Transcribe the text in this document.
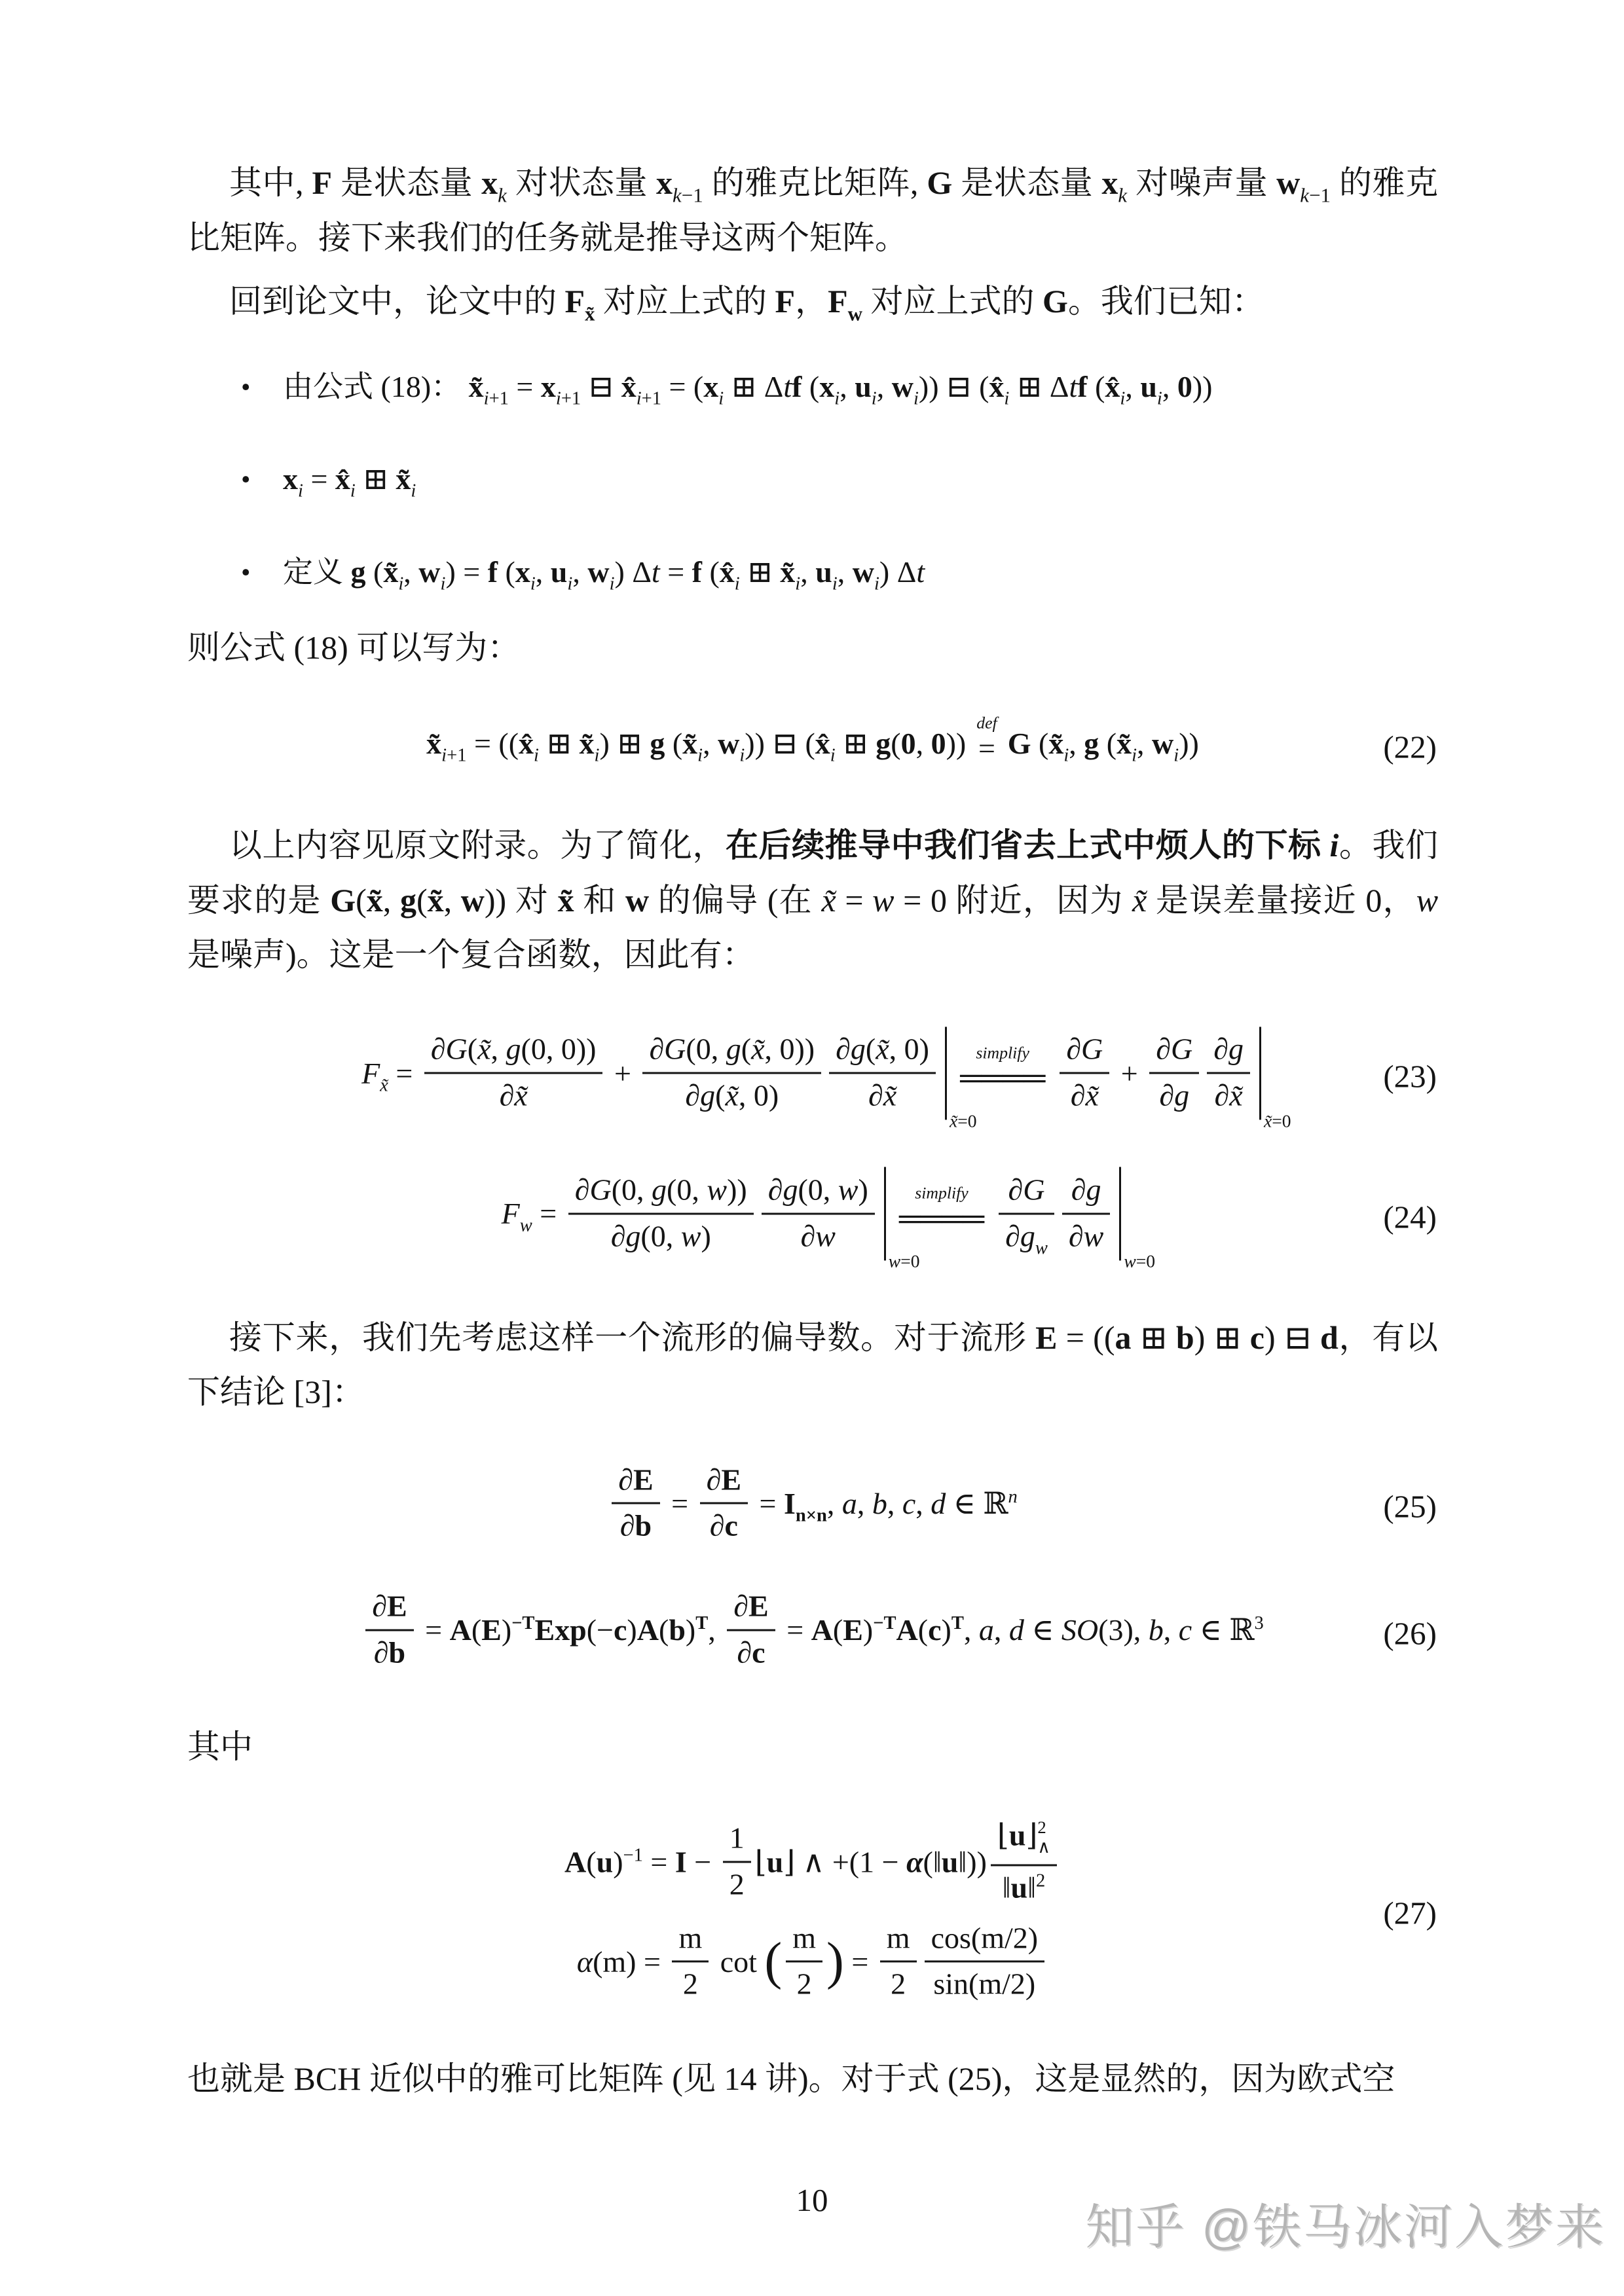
其中, F 是状态量 $x_k$ 对状态量 $x_{k-1}$ 的雅克比矩阵, G 是状态量 $x_k$ 对噪声量 $w_{k-1}$ 的雅克比矩阵。接下来我们的任务就是推导这两个矩阵。

回到论文中，论文中的 $F_{x̃}$ 对应上式的 F，$F_w$ 对应上式的 G。我们已知：

• 由公式 (18)： $x̃_{i+1} = x_{i+1}$ ⊟ $x̂_{i+1} = (x_i$ ⊞ Δtf ($x_i$, $u_i$, $w_i$)) ⊟ ($x̂_i$ ⊞ Δtf ($x̂_i$, $u_i$, 0))
• $x_i$ = $x̂_i$ ⊞ $x̃_i$
• 定义 g ($x̃_i$, $w_i) = f$ ($x_i$, $u_i$, $w_i$) Δt = f ($x̂_i$ ⊞ $x̃_i$, $u_i$, $w_i$) Δt

则公式 (18) 可以写为：

$x̃_{i+1}$ = (($x̂_i$ ⊞ $x̃_i$) ⊞ g ($x̃_i$, $w_i$)) ⊟ ($x̂_i$ ⊞ g(0, 0))
def
= G ($x̃_i$, g ($x̃_i$, $w_i$))	(22)

以上内容见原文附录。为了简化，在后续推导中我们省去上式中烦人的下标 i。我们要求的是 G(x̃, g(x̃, w)) 对 x̃ 和 w 的偏导 (在 x̃ = w = 0 附近，因为 x̃ 是误差量接近 0，w 是噪声)。这是一个复合函数，因此有：

$F_{x̃} = \frac{\partial G(x̃, g(0, 0))}{\partial x̃} + \frac{\partial G(0, g(x̃, 0))}{\partial g(x̃, 0)} \frac{\partial g(x̃, 0)}{\partial x̃}$
x̃=0
simplify
════ $\frac{\partial G}{\partial x̃} + \frac{\partial G}{\partial g} \frac{\partial g}{\partial x̃}$
x̃=0
(23)
$F_w = \frac{\partial G(0, g(0, w))}{\partial g(0, w)} \frac{\partial g(0, w)}{\partial w}$
w=0
simplify
════ $\frac{\partial G}{\partial g_w} \frac{\partial g}{\partial w}$
w=0
(24)

接下来，我们先考虑这样一个流形的偏导数。对于流形 E = ((a ⊞ b) ⊞ c) ⊟ d，有以下结论 [3]：

$\frac{\partial E}{\partial b} = \frac{\partial E}{\partial c} = I_{n\times n}$, a, b, c, d ∈ ℝ$^n$	(25)
$\frac{\partial E}{\partial b} = A(E)^{-T}Exp(-c)A(b)^T$, $\frac{\partial E}{\partial c} = A(E)^{-T}A(c)^T$, a, d ∈ SO(3), b, c ∈ ℝ$^3$	(26)

其中

$A(u)^{-1} = I - \frac{1}{2}$ ⌊u⌋ ∧ +(1 − α(‖u‖)) ⌊u⌋ 2
∧
‖u‖$^2$
$\alpha(m) = \frac{m}{2}$ cot ( $\frac{m}{2}$ ) = $\frac{m}{2} \frac{\cos(m/2)}{\sin(m/2)}$
(27)

也就是 BCH 近似中的雅可比矩阵 (见 14 讲)。对于式 (25)，这是显然的，因为欧式空

10	知乎 @铁马冰河入梦来
